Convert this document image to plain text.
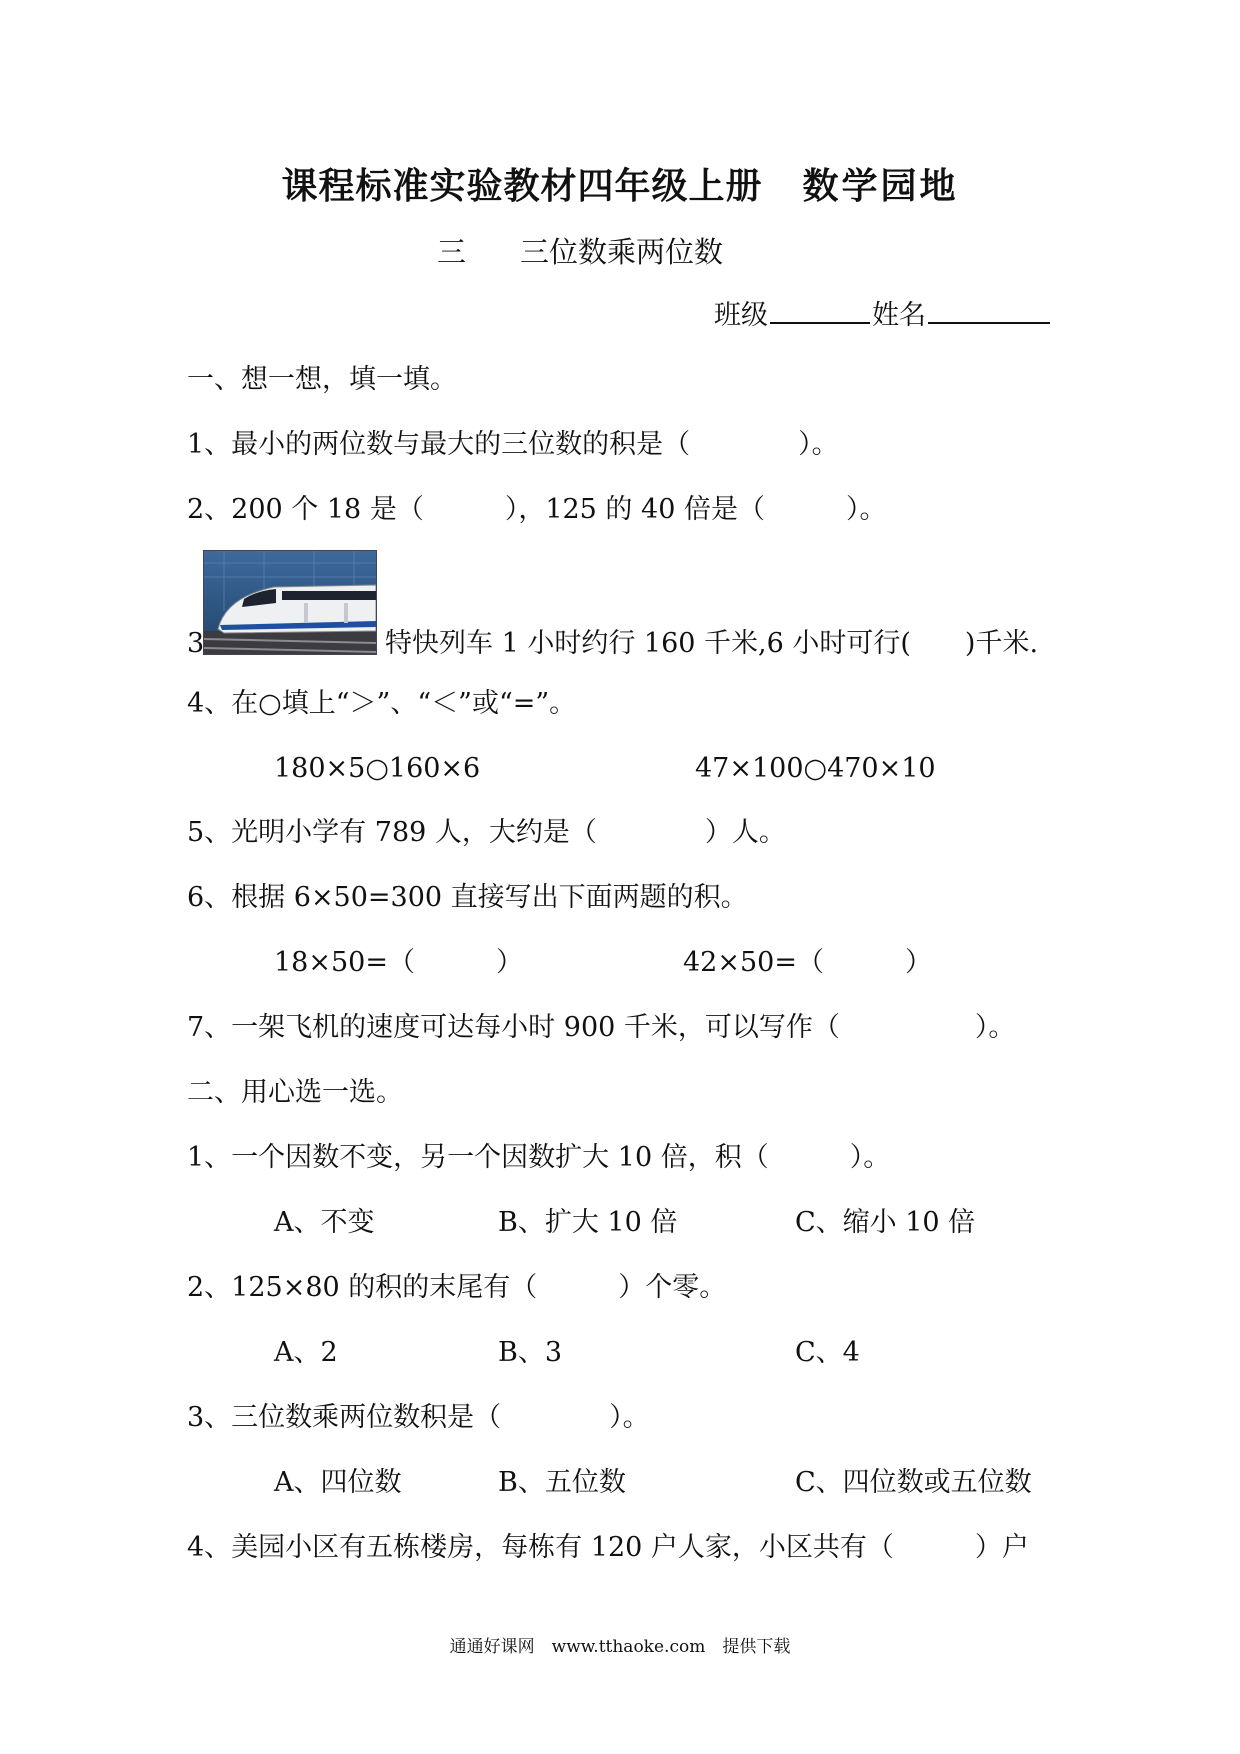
课程标准实验教材四年级上册 数学园地
三 三位数乘两位数
班级	姓名
一、想一想，填一填。
1、最小的两位数与最大的三位数的积是（　　　　）。
2、200 个 18 是（　　　），125 的 40 倍是（　　　）。
3	特快列车 1 小时约行 160 千米,6 小时可行(　　)千米.
4、在○填上“＞”、“＜”或“=”。
180×5○160×6	47×100○470×10
5、光明小学有 789 人，大约是（　　　　）人。
6、根据 6×50=300 直接写出下面两题的积。
18×50=（　　　）	42×50=（　　　）
7、一架飞机的速度可达每小时 900 千米，可以写作（　　　　　）。
二、用心选一选。
1、一个因数不变，另一个因数扩大 10 倍，积（　　　）。
A、不变	B、扩大 10 倍	C、缩小 10 倍
2、125×80 的积的末尾有（　　　）个零。
A、2	B、3	C、4
3、三位数乘两位数积是（　　　　）。
A、四位数	B、五位数	C、四位数或五位数
4、美园小区有五栋楼房，每栋有 120 户人家，小区共有（　　　）户
通通好课网　www.tthaoke.com　提供下载
